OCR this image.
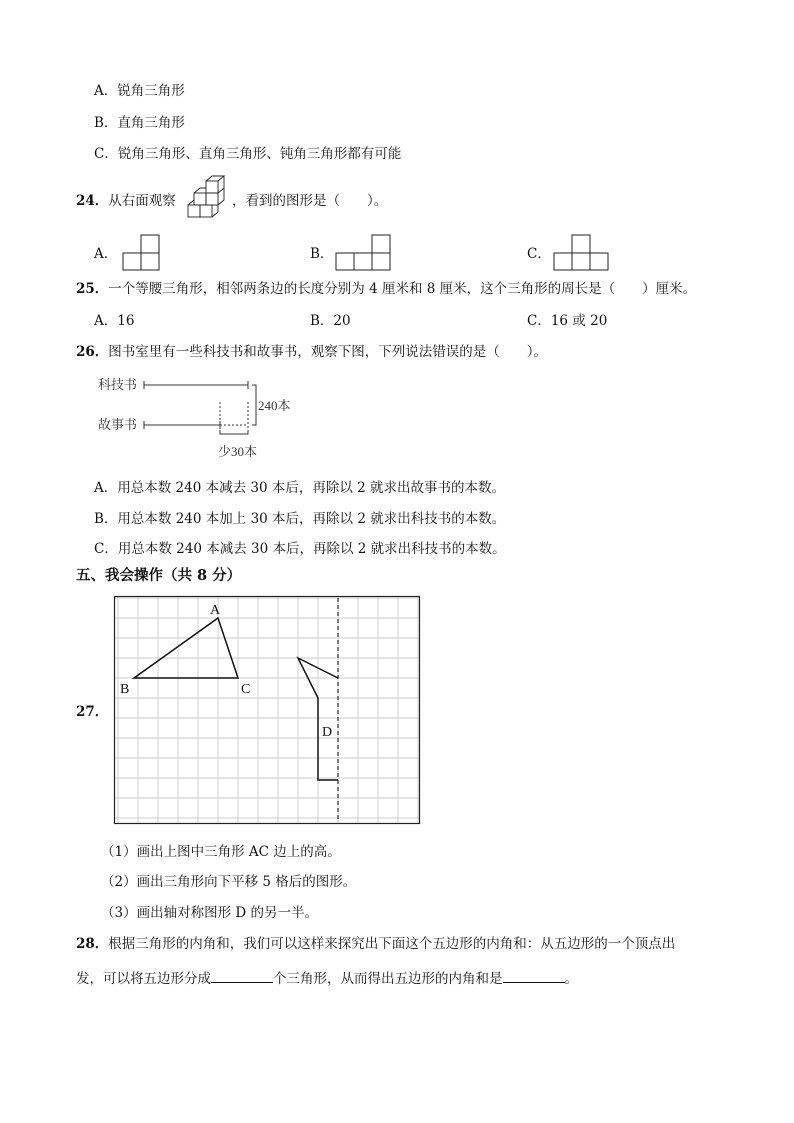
A．锐角三角形
B．直角三角形
C．锐角三角形、直角三角形、钝角三角形都有可能
24．从右面观察	，看到的图形是（　　）。
A．	B．	C．
25．一个等腰三角形，相邻两条边的长度分别为 4 厘米和 8 厘米，这个三角形的周长是（　　）厘米。
A．16	B．20	C．16 或 20
26．图书室里有一些科技书和故事书，观察下图，下列说法错误的是（　　）。
科技书
故事书
240本
少30本
A．用总本数 240 本减去 30 本后，再除以 2 就求出故事书的本数。
B．用总本数 240 本加上 30 本后，再除以 2 就求出科技书的本数。
C．用总本数 240 本减去 30 本后，再除以 2 就求出科技书的本数。
五、我会操作（共 8 分）
27．
A
B	C
D
（1）画出上图中三角形 AC 边上的高。
（2）画出三角形向下平移 5 格后的图形。
（3）画出轴对称图形 D 的另一半。
28．根据三角形的内角和，我们可以这样来探究出下面这个五边形的内角和：从五边形的一个顶点出
发，可以将五边形分成	个三角形，从而得出五边形的内角和是	。
